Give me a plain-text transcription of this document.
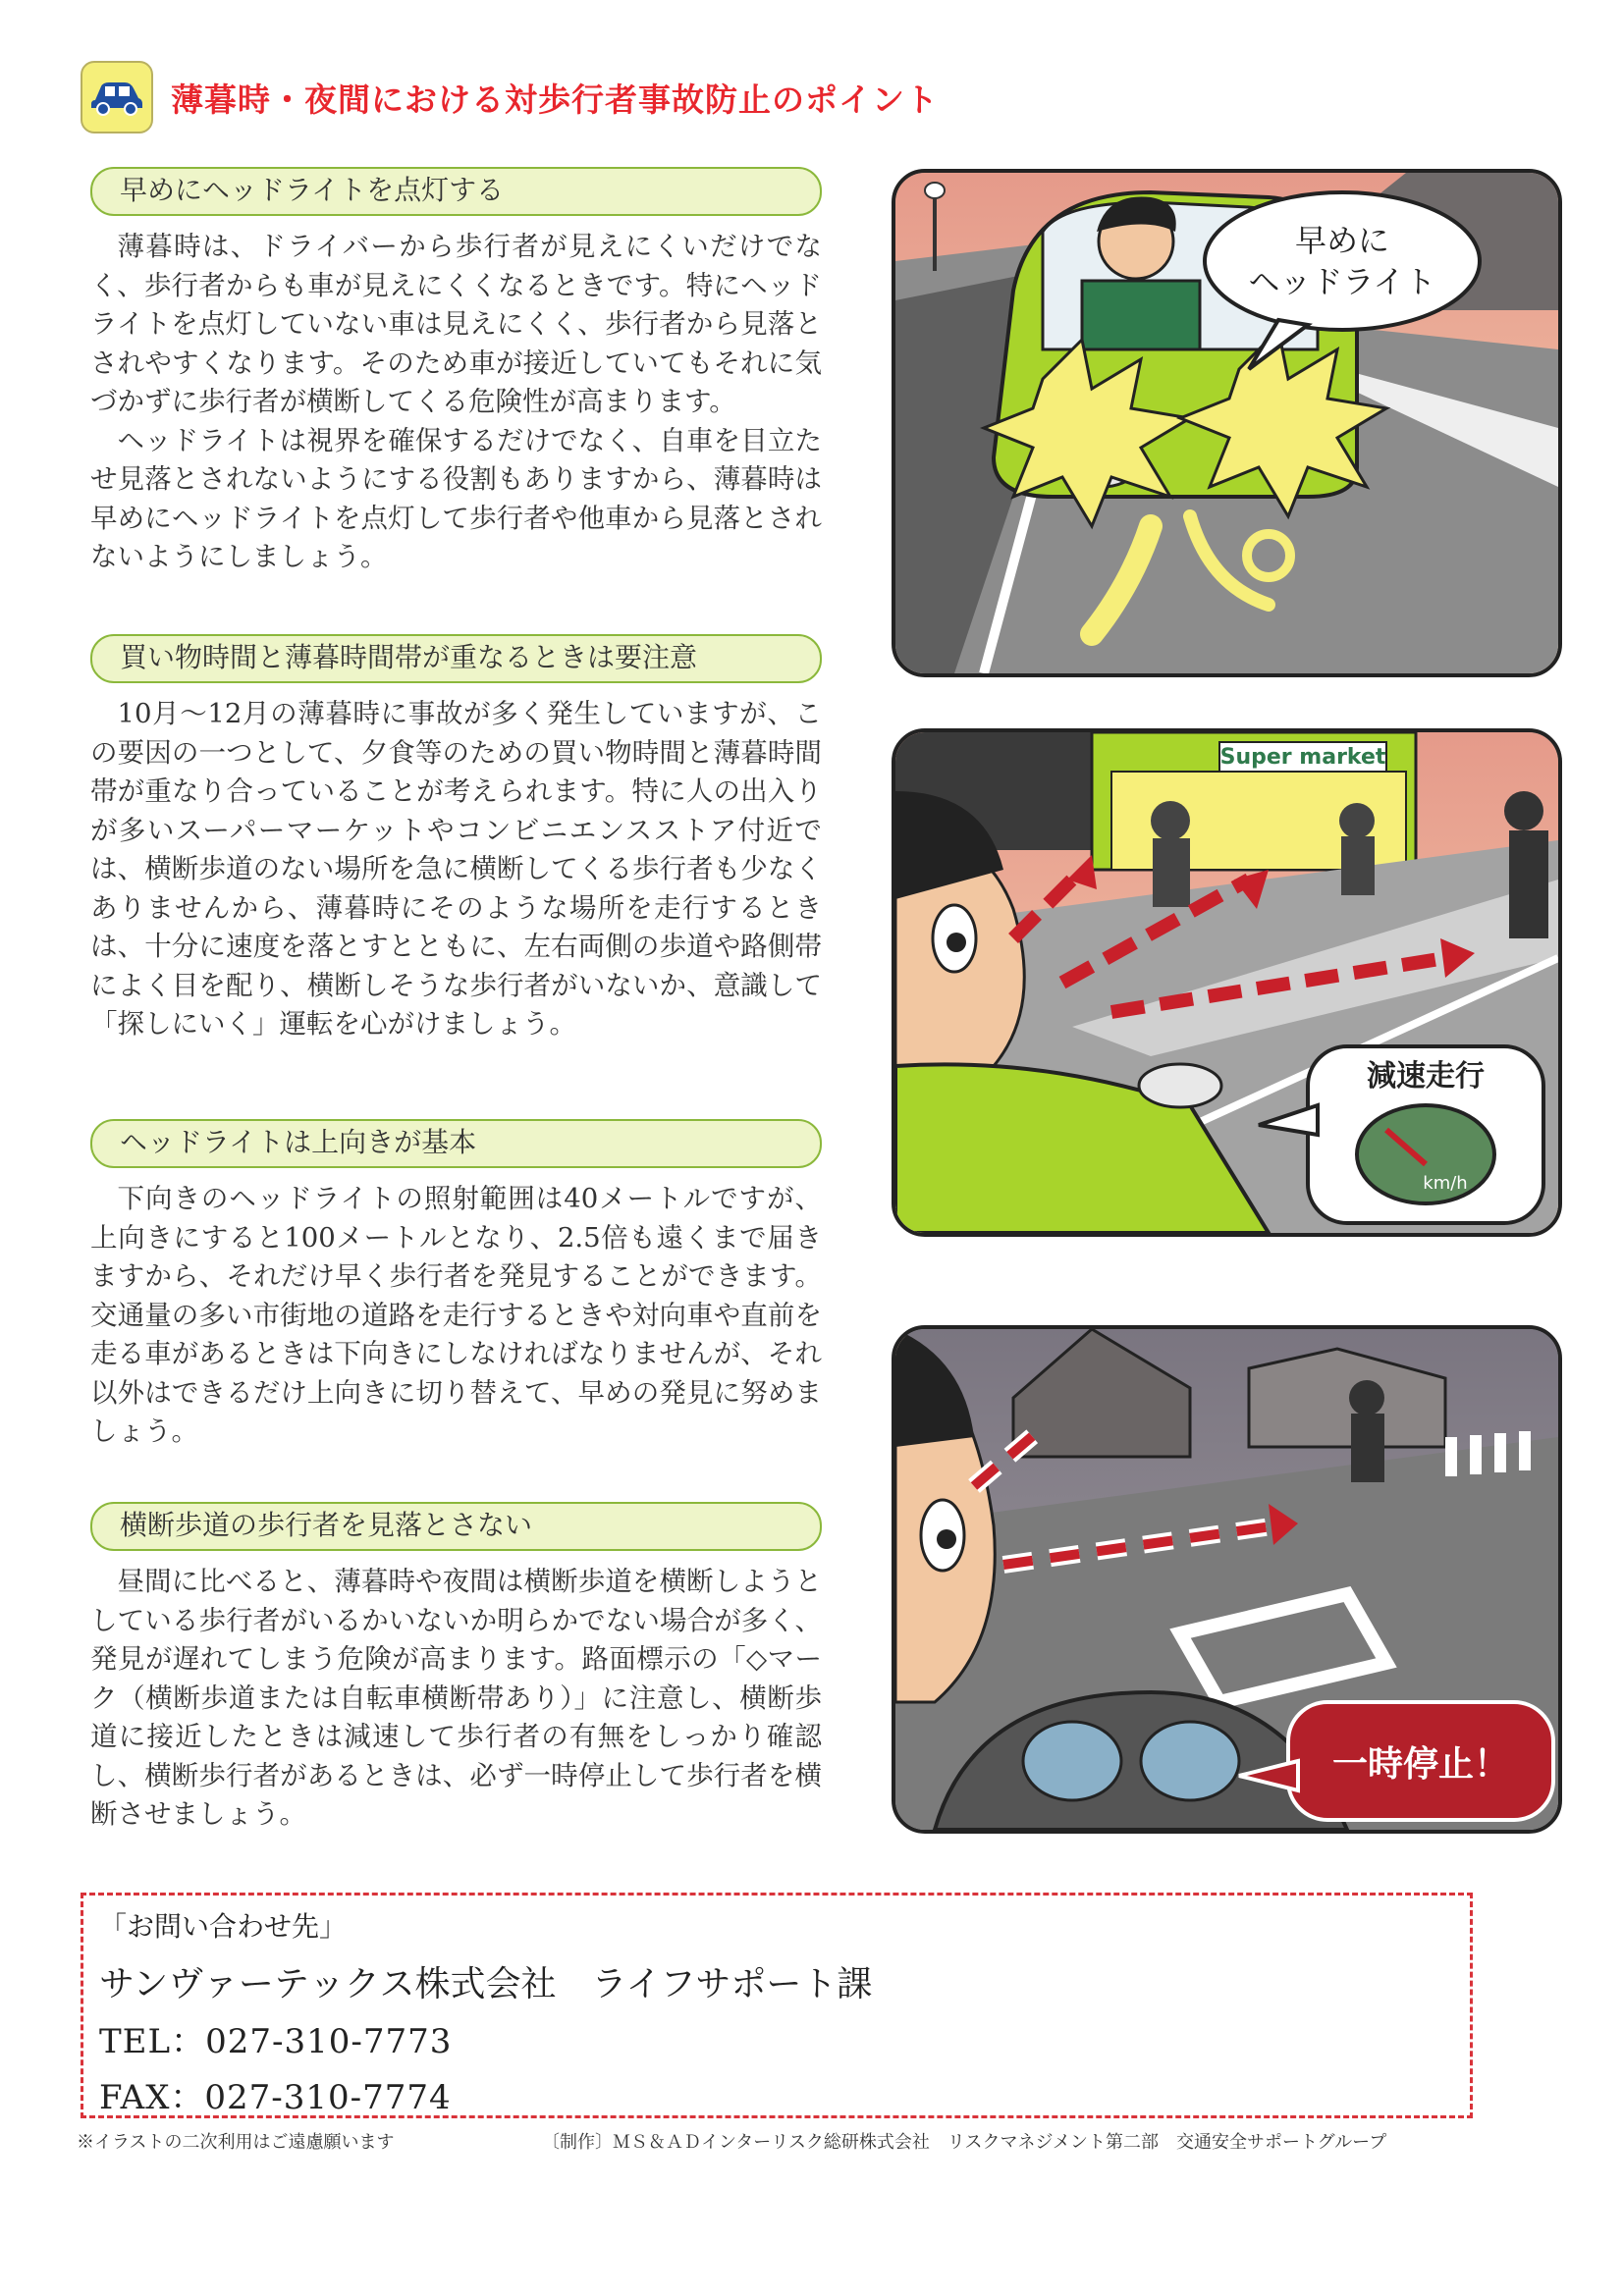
薄暮時・夜間における対歩行者事故防止のポイント
早めにヘッドライトを点灯する

薄暮時は、ドライバーから歩行者が見えにくいだけでなく、歩行者からも車が見えにくくなるときです。特にヘッドライトを点灯していない車は見えにくく、歩行者から見落とされやすくなります。そのため車が接近していてもそれに気づかずに歩行者が横断してくる危険性が高まります。

ヘッドライトは視界を確保するだけでなく、自車を目立たせ見落とされないようにする役割もありますから、薄暮時は早めにヘッドライトを点灯して歩行者や他車から見落とされないようにしましょう。

買い物時間と薄暮時間帯が重なるときは要注意

10月～12月の薄暮時に事故が多く発生していますが、この要因の一つとして、夕食等のための買い物時間と薄暮時間帯が重なり合っていることが考えられます。特に人の出入りが多いスーパーマーケットやコンビニエンスストア付近では、横断歩道のない場所を急に横断してくる歩行者も少なくありませんから、薄暮時にそのような場所を走行するときは、十分に速度を落とすとともに、左右両側の歩道や路側帯によく目を配り、横断しそうな歩行者がいないか、意識して「探しにいく」運転を心がけましょう。

ヘッドライトは上向きが基本

下向きのヘッドライトの照射範囲は40メートルですが、上向きにすると100メートルとなり、2.5倍も遠くまで届きますから、それだけ早く歩行者を発見することができます。交通量の多い市街地の道路を走行するときや対向車や直前を走る車があるときは下向きにしなければなりませんが、それ以外はできるだけ上向きに切り替えて、早めの発見に努めましょう。

横断歩道の歩行者を見落とさない

昼間に比べると、薄暮時や夜間は横断歩道を横断しようとしている歩行者がいるかいないか明らかでない場合が多く、発見が遅れてしまう危険が高まります。路面標示の「◇マーク（横断歩道または自転車横断帯あり）」に注意し、横断歩道に接近したときは減速して歩行者の有無をしっかり確認し、横断歩行者があるときは、必ず一時停止して歩行者を横断させましょう。

早めに
ヘッドライト
Super market
減速走行
km/h
一時停止！
「お問い合わせ先」
サンヴァーテックス株式会社　ライフサポート課
TEL：027-310-7773
FAX：027-310-7774
※イラストの二次利用はご遠慮願います	〔制作〕ＭＳ＆ＡＤインターリスク総研株式会社　リスクマネジメント第二部　交通安全サポートグループ
